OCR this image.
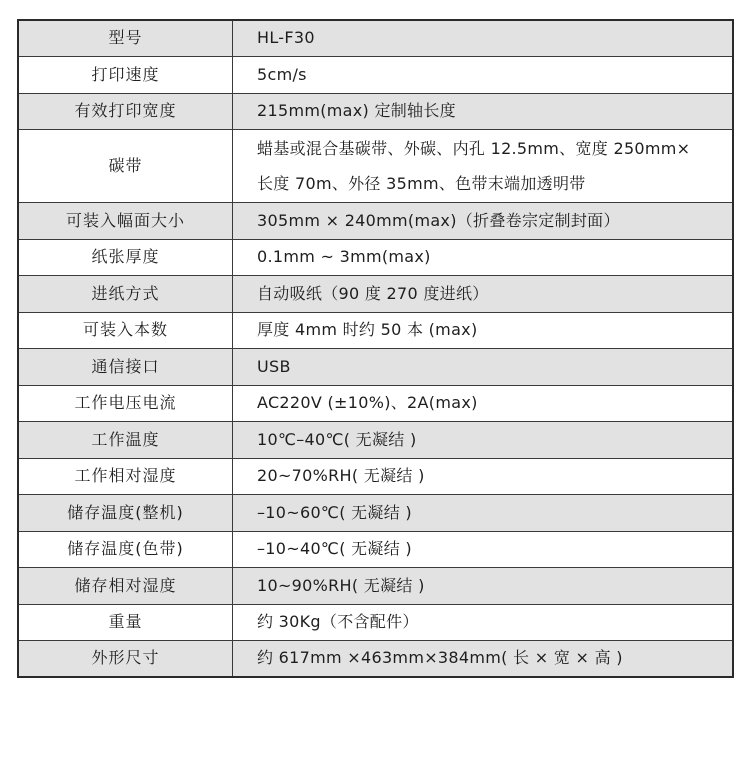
型号	HL-F30
打印速度	5cm/s
有效打印宽度	215mm(max) 定制轴长度
碳带	蜡基或混合基碳带、外碳、内孔 12.5mm、宽度 250mm×
长度 70m、外径 35mm、色带末端加透明带

可装入幅面大小	305mm × 240mm(max)（折叠卷宗定制封面）
纸张厚度	0.1mm ~ 3mm(max)
进纸方式	自动吸纸（90 度 270 度进纸）
可装入本数	厚度 4mm 时约 50 本 (max)
通信接口	USB
工作电压电流	AC220V (±10%)、2A(max)
工作温度	10℃–40℃( 无凝结 )
工作相对湿度	20~70%RH( 无凝结 )
储存温度(整机)	–10~60℃( 无凝结 )
储存温度(色带)	–10~40℃( 无凝结 )
储存相对湿度	10~90%RH( 无凝结 )
重量	约 30Kg（不含配件）
外形尺寸	约 617mm ×463mm×384mm( 长 × 宽 × 高 )
